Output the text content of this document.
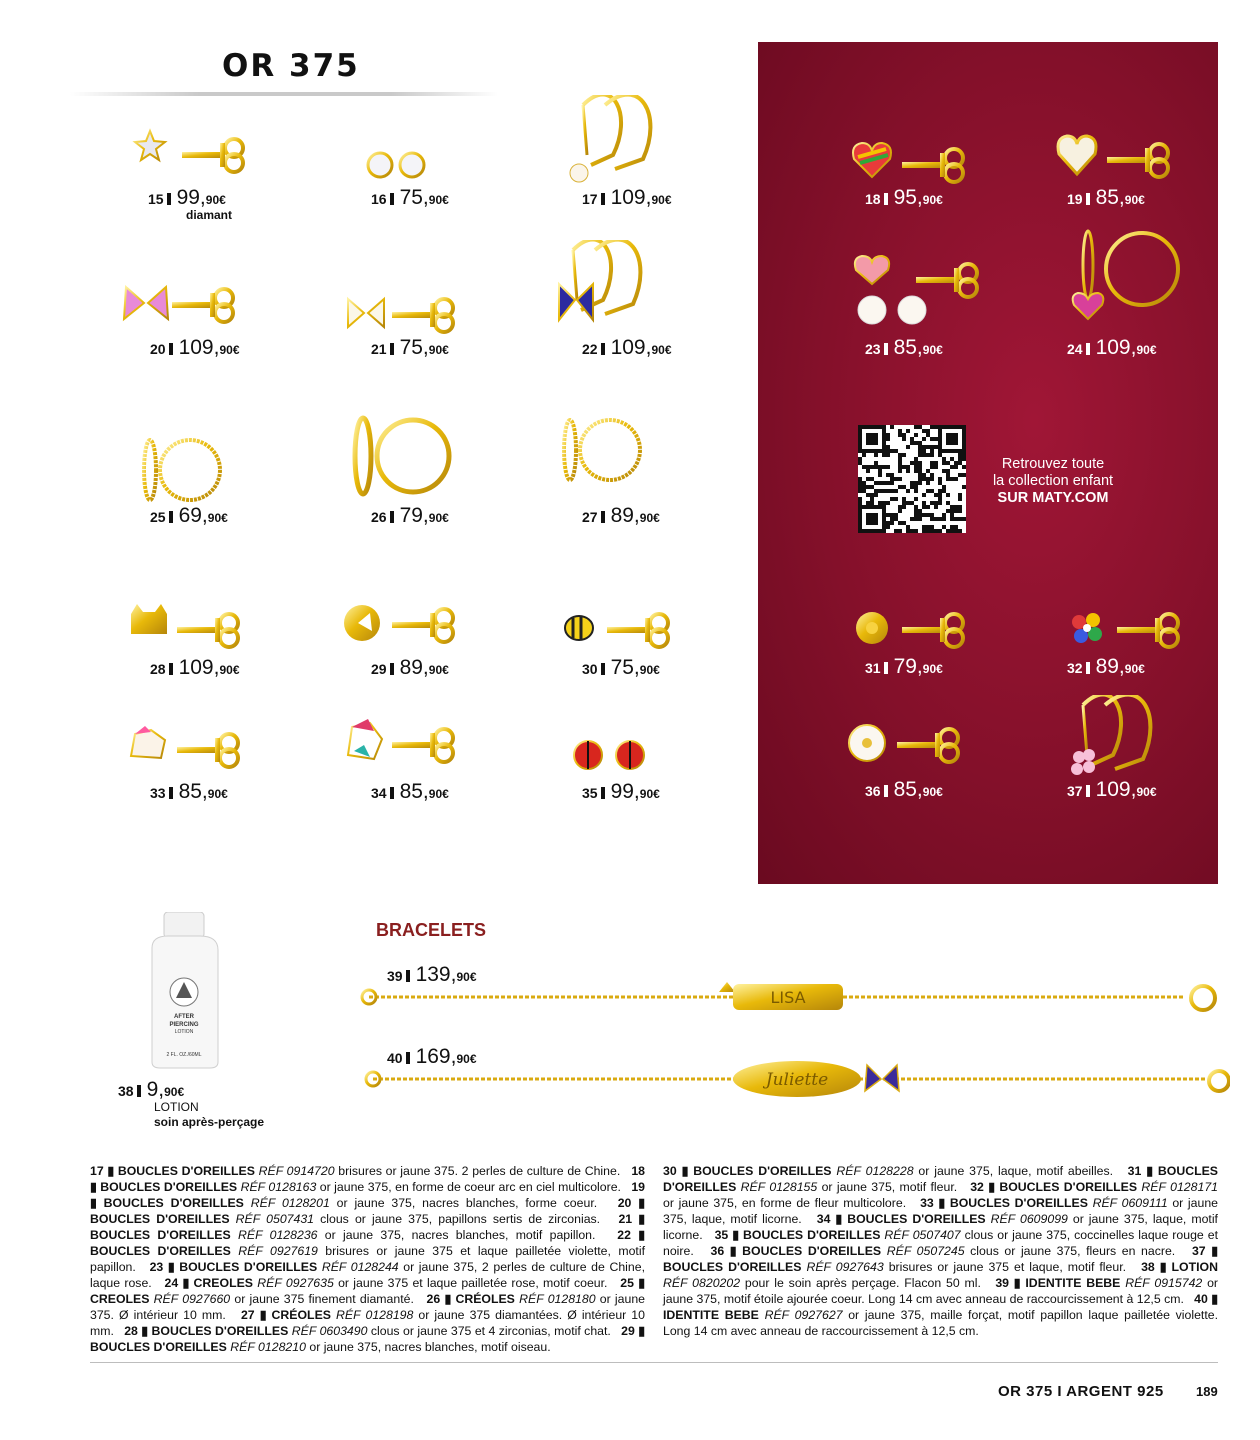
OR 375
15 99,90€
diamant
16 75,90€	17 109,90€
20 109,90€	21 75,90€	22 109,90€
25 69,90€	26 79,90€	27 89,90€
28 109,90€	29 89,90€	30 75,90€
33 85,90€	34 85,90€	35 99,90€
18 95,90€	19 85,90€
23 85,90€	24 109,90€
31 79,90€	32 89,90€
36 85,90€	37 109,90€
Retrouvez toute
la collection enfant
SUR MATY.COM
AFTER
PIERCING
LOTION
2 FL. OZ./60ML
38 9,90€
LOTION
soin après-perçage
BRACELETS
39 139,90€
LISA
40 169,90€
Juliette
17 ▮ BOUCLES D'OREILLES RÉF 0914720 brisures or jaune 375. 2 perles de culture de Chine. 18 ▮ BOUCLES D'OREILLES RÉF 0128163 or jaune 375, en forme de coeur arc en ciel multicolore. 19 ▮ BOUCLES D'OREILLES RÉF 0128201 or jaune 375, nacres blanches, forme coeur. 20 ▮ BOUCLES D'OREILLES RÉF 0507431 clous or jaune 375, papillons sertis de zirconias. 21 ▮ BOUCLES D'OREILLES RÉF 0128236 or jaune 375, nacres blanches, motif papillon. 22 ▮ BOUCLES D'OREILLES RÉF 0927619 brisures or jaune 375 et laque pailletée violette, motif papillon. 23 ▮ BOUCLES D'OREILLES RÉF 0128244 or jaune 375, 2 perles de culture de Chine, laque rose. 24 ▮ CREOLES RÉF 0927635 or jaune 375 et laque pailletée rose, motif coeur. 25 ▮ CREOLES RÉF 0927660 or jaune 375 finement diamanté. 26 ▮ CRÉOLES RÉF 0128180 or jaune 375. Ø intérieur 10 mm. 27 ▮ CRÉOLES RÉF 0128198 or jaune 375 diamantées. Ø intérieur 10 mm. 28 ▮ BOUCLES D'OREILLES RÉF 0603490 clous or jaune 375 et 4 zirconias, motif chat. 29 ▮ BOUCLES D'OREILLES RÉF 0128210 or jaune 375, nacres blanches, motif oiseau.
30 ▮ BOUCLES D'OREILLES RÉF 0128228 or jaune 375, laque, motif abeilles. 31 ▮ BOUCLES D'OREILLES RÉF 0128155 or jaune 375, motif fleur. 32 ▮ BOUCLES D'OREILLES RÉF 0128171 or jaune 375, en forme de fleur multicolore. 33 ▮ BOUCLES D'OREILLES RÉF 0609111 or jaune 375, laque, motif licorne. 34 ▮ BOUCLES D'OREILLES RÉF 0609099 or jaune 375, laque, motif licorne. 35 ▮ BOUCLES D'OREILLES RÉF 0507407 clous or jaune 375, coccinelles laque rouge et noire. 36 ▮ BOUCLES D'OREILLES RÉF 0507245 clous or jaune 375, fleurs en nacre. 37 ▮ BOUCLES D'OREILLES RÉF 0927643 brisures or jaune 375 et laque, motif fleur. 38 ▮ LOTION RÉF 0820202 pour le soin après perçage. Flacon 50 ml. 39 ▮ IDENTITE BEBE RÉF 0915742 or jaune 375, motif étoile ajourée coeur. Long 14 cm avec anneau de raccourcissement à 12,5 cm. 40 ▮ IDENTITE BEBE RÉF 0927627 or jaune 375, maille forçat, motif papillon laque pailletée violette. Long 14 cm avec anneau de raccourcissement à 12,5 cm.
OR 375 I ARGENT 925 189
